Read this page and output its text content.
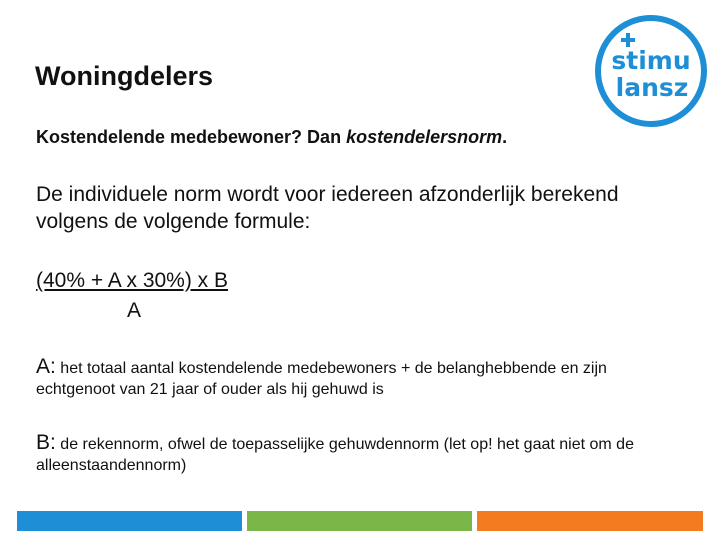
Woningdelers
Kostendelende medebewoner? Dan kostendelersnorm.
De individuele norm wordt voor iedereen afzonderlijk berekend volgens de volgende formule:
(40% + A x 30%) x B
A
A: het totaal aantal kostendelende medebewoners + de belanghebbende en zijn echtgenoot van 21 jaar of ouder als hij gehuwd is
B: de rekennorm, ofwel de toepasselijke gehuwdennorm (let op! het gaat niet om de alleenstaandennorm)
stimu
lansz
